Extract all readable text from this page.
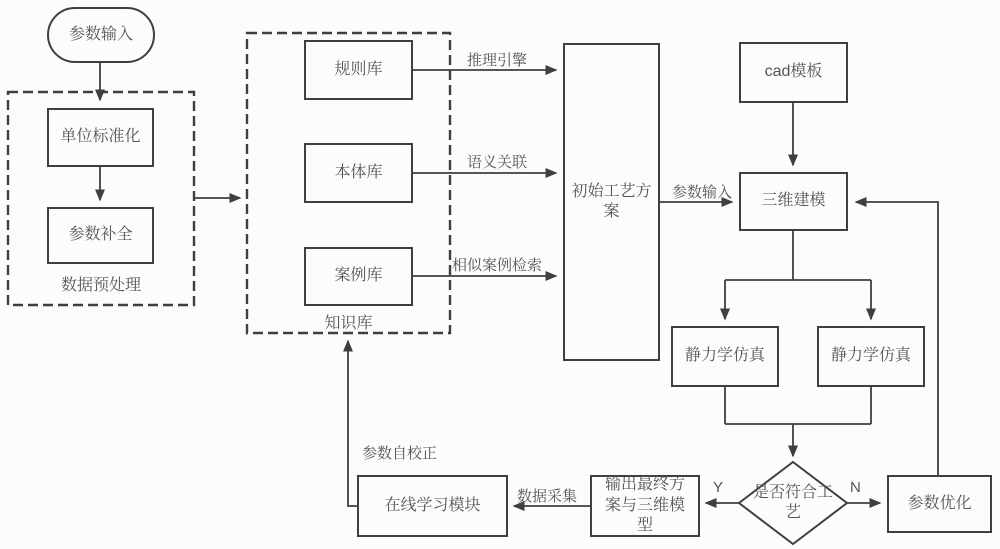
参数输入
单位标准化
参数补全
数据预处理
规则库
本体库
案例库
知识库
初始工艺方案
cad模板
三维建模
静力学仿真	静力学仿真
是否符合工艺
参数优化
输出最终方案与三维模型
在线学习模块
推理引擎
语义关联
相似案例检索
参数输入
参数自校正
数据采集
Y	N
